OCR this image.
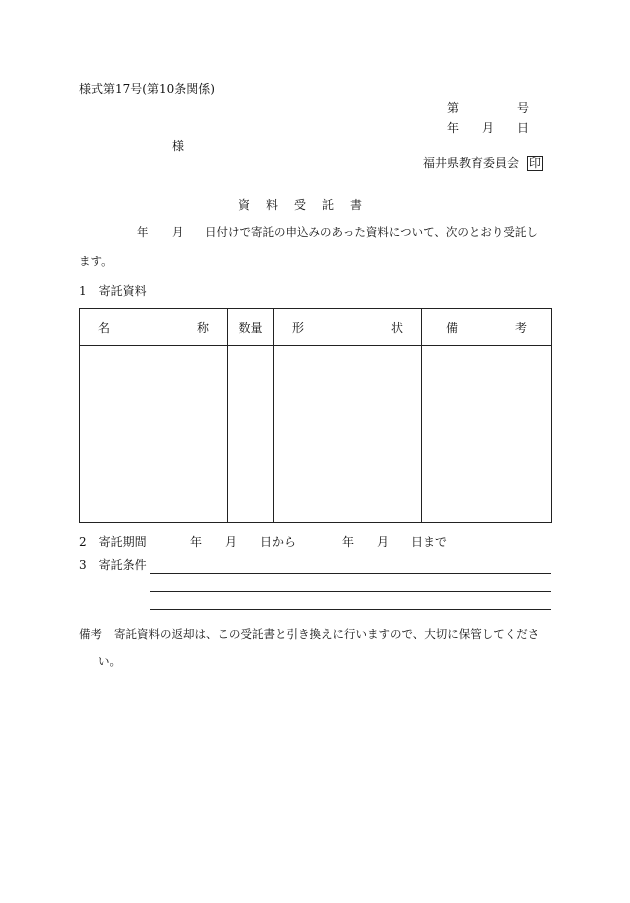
様式第17号(第10条関係)
第	号
年 月 日
様
福井県教育委員会 印
資　料　受　託　書
年 月 日付けで寄託の申込みのあった資料について、次のとおり受託し
ます。
1　寄託資料
名 称	数量	形 状	備 考

2　寄託期間	年 月 日から	年 月 日まで
3　寄託条件
備考 寄託資料の返却は、この受託書と引き換えに行いますので、大切に保管してくださ
い。
